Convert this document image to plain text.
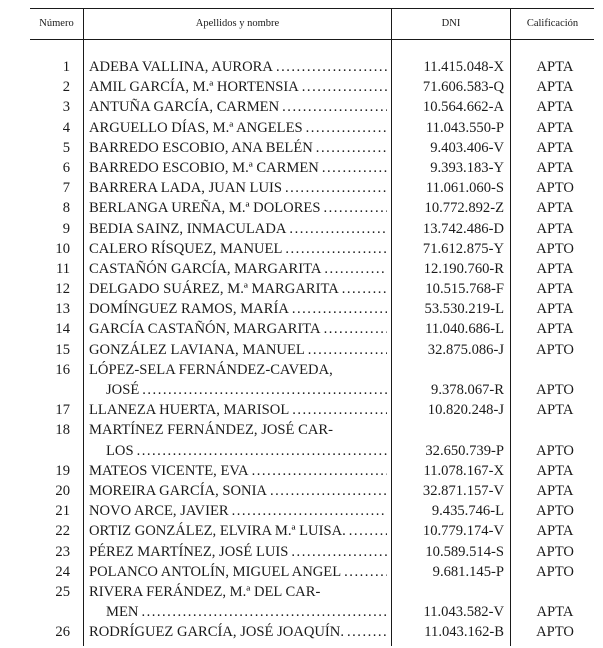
Número	Apellidos y nombre	DNI	Calificación
1 ADEBA VALLINA, AURORA .....	11.415.048-X	APTA
2 AMIL GARCÍA, M.ª HORTENSIA .....	71.606.583-Q	APTA
3 ANTUÑA GARCÍA, CARMEN .....	10.564.662-A	APTA
4 ARGUELLO DÍAS, M.ª ANGELES .....	11.043.550-P	APTA
5 BARREDO ESCOBIO, ANA BELÉN .....	9.403.406-V	APTA
6 BARREDO ESCOBIO, M.ª CARMEN .....	9.393.183-Y	APTA
7 BARRERA LADA, JUAN LUIS .....	11.061.060-S	APTO
8 BERLANGA UREÑA, M.ª DOLORES .....	10.772.892-Z	APTA
9 BEDIA SAINZ, INMACULADA .....	13.742.486-D	APTA
10 CALERO RÍSQUEZ, MANUEL .....	71.612.875-Y	APTO
11 CASTAÑÓN GARCÍA, MARGARITA .....	12.190.760-R	APTA
12 DELGADO SUÁREZ, M.ª MARGARITA .....	10.515.768-F	APTA
13 DOMÍNGUEZ RAMOS, MARÍA .....	53.530.219-L	APTA
14 GARCÍA CASTAÑÓN, MARGARITA .....	11.040.686-L	APTA
15 GONZÁLEZ LAVIANA, MANUEL .....	32.875.086-J	APTO
16 LÓPEZ-SELA FERNÁNDEZ-CAVEDA,
JOSÉ .....	9.378.067-R	APTO
17 LLANEZA HUERTA, MARISOL .....	10.820.248-J	APTA
18 MARTÍNEZ FERNÁNDEZ, JOSÉ CAR-
LOS .....	32.650.739-P	APTO
19 MATEOS VICENTE, EVA .....	11.078.167-X	APTA
20 MOREIRA GARCÍA, SONIA .....	32.871.157-V	APTA
21 NOVO ARCE, JAVIER .....	9.435.746-L	APTO
22 ORTIZ GONZÁLEZ, ELVIRA M.ª LUISA. .....	10.779.174-V	APTA
23 PÉREZ MARTÍNEZ, JOSÉ LUIS .....	10.589.514-S	APTO
24 POLANCO ANTOLÍN, MIGUEL ANGEL .....	9.681.145-P	APTO
25 RIVERA FERÁNDEZ, M.ª DEL CAR-
MEN .....	11.043.582-V	APTA
26 RODRÍGUEZ GARCÍA, JOSÉ JOAQUÍN. .....	11.043.162-B	APTO
